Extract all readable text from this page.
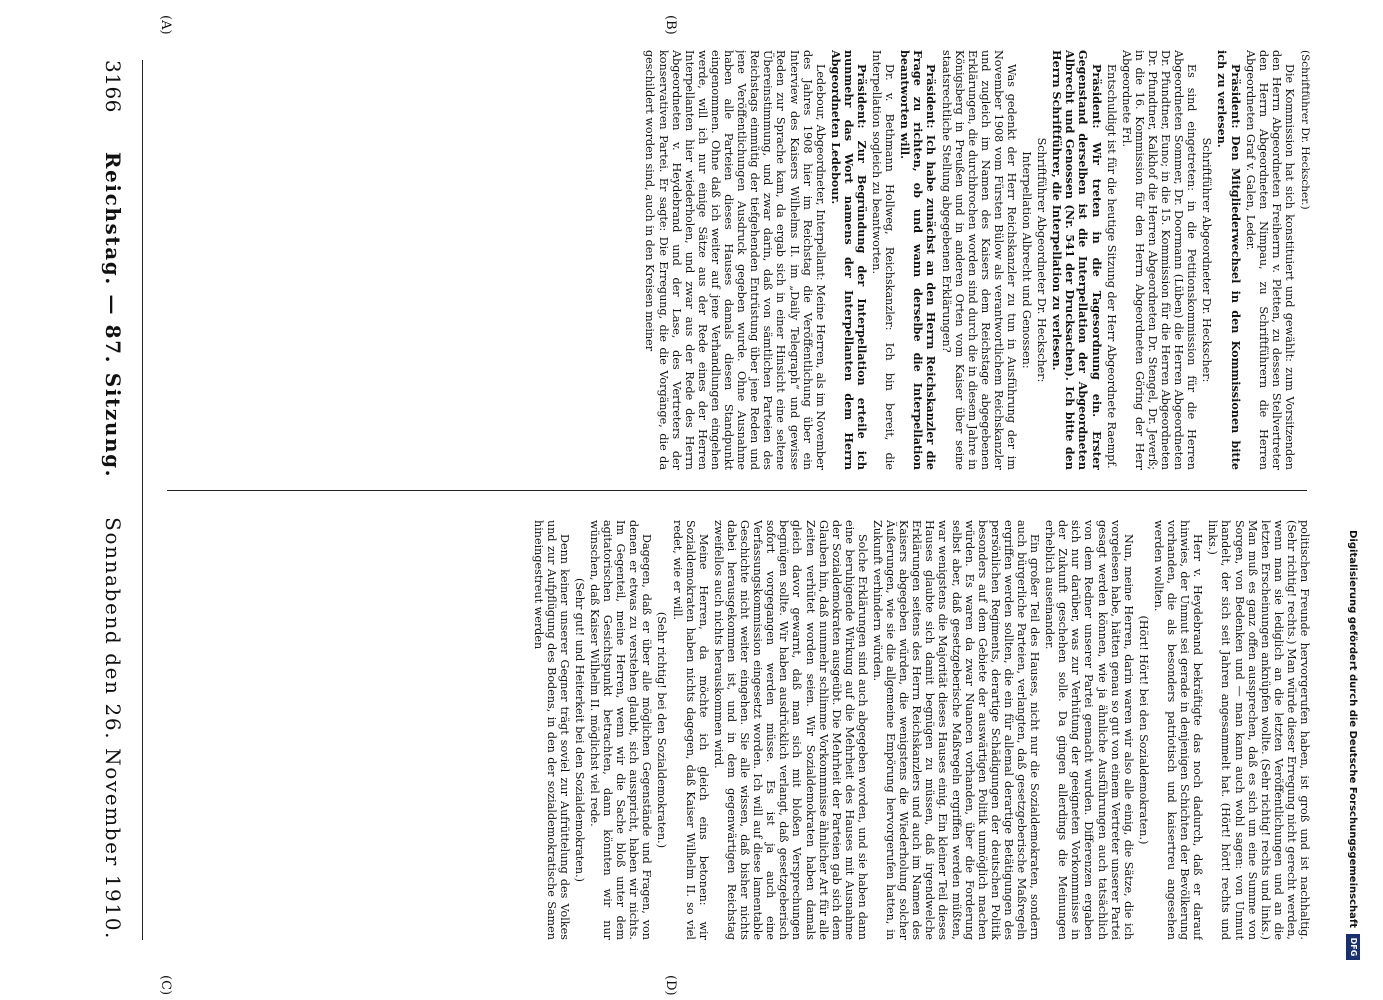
(A)	(B)
(C)	(D)

(Schriftführer Dr. Heckscher.)

Die Kommission hat sich konstituiert und gewählt: zum Vorsitzenden den Herrn Abgeordneten Freiherrn v. Pletten, zu dessen Stellvertreter den Herrn Abgeordneten Nimpau, zu Schriftführern die Herren Abgeordneten Graf v. Galen, Leder.

Präsident: Den Mitgliederwechsel in den Kommissionen bitte ich zu verlesen.

Schriftführer Abgeordneter Dr. Heckscher:

Es sind eingetreten: in die Petitionskommission für die Herren Abgeordneten Sommer, Dr. Doormann (Lüben) die Herren Abgeordneten Dr. Pfundtner, Euno; in die 15. Kommission für die Herren Abgeordneten Dr. Pfundtner, Kalkhof die Herren Abgeordneten Dr. Stengel, Dr. Jeverß; in die 16. Kommission für den Herrn Abgeordneten Göring der Herr Abgeordnete Frl.

Entschuldigt ist für die heutige Sitzung der Herr Abgeordnete Raempf.

Präsident: Wir treten in die Tagesordnung ein. Erster Gegenstand derselben ist die Interpellation der Abgeordneten Albrecht und Genossen (Nr. 541 der Drucksachen). Ich bitte den Herrn Schriftführer, die Interpellation zu verlesen.

Schriftführer Abgeordneter Dr. Heckscher:

Interpellation Albrecht und Genossen:

Was gedenkt der Herr Reichskanzler zu tun in Ausführung der im November 1908 vom Fürsten Bülow als verantwortlichem Reichskanzler und zugleich im Namen des Kaisers dem Reichstage abgegebenen Erklärungen, die durchbrochen worden sind durch die in diesem Jahre in Königsberg in Preußen und in anderen Orten vom Kaiser über seine staatsrechtliche Stellung abgegebenen Erklärungen?

Präsident: Ich habe zunächst an den Herrn Reichskanzler die Frage zu richten, ob und wann derselbe die Interpellation beantworten will.

Dr. v. Bethmann Hollweg, Reichskanzler: Ich bin bereit, die Interpellation sogleich zu beantworten.

Präsident: Zur Begründung der Interpellation erteile ich nunmehr das Wort namens der Interpellanten dem Herrn Abgeordneten Ledebour.

Ledebour, Abgeordneter, Interpellant: Meine Herren, als im November des Jahres 1908 hier im Reichstag die Veröffentlichung über ein Interview des Kaisers Wilhelms II. im „Daily Telegraph“ und gewisse Reden zur Sprache kam, da ergab sich in einer Hinsicht eine seltene Übereinstimmung, und zwar darin, daß von sämtlichen Parteien des Reichstags einmütig der tiefgehenden Entrüstung über jene Reden und jene Veröffentlichungen Ausdruck gegeben wurde. Ohne Ausnahme haben alle Parteien dieses Hauses damals diesen Standpunkt eingenommen. Ohne daß ich weiter auf jene Verhandlungen eingehen werde, will ich nur einige Sätze aus der Rede eines der Herren Interpellanten hier wiederholen, und zwar aus der Rede des Herrn Abgeordneten v. Heydebrand und der Lase, des Vertreters der konservativen Partei. Er sagte: Die Erregung, die die Vorgänge, die da geschildert worden sind, auch in den Kreisen meiner

politischen Freunde hervorgerufen haben, ist groß und ist nachhaltig. (Sehr richtig! rechts.) Man würde dieser Erregung nicht gerecht werden, wenn man sie lediglich an die letzten Veröffentlichungen und an die letzten Erscheinungen anknüpfen wollte. (Sehr richtig! rechts und links.) Man muß es ganz offen aussprechen, daß es sich um eine Summe von Sorgen, von Bedenken und — man kann auch wohl sagen: von Unmut handelt, der sich seit Jahren angesammelt hat. (Hört! hört! rechts und links.)

Herr v. Heydebrand bekräftigte das noch dadurch, daß er darauf hinwies, der Unmut sei gerade in denjenigen Schichten der Bevölkerung vorhanden, die als besonders patriotisch und kaisertreu angesehen werden wollten.

(Hört! Hört! bei den Sozialdemokraten.)

Nun, meine Herren, darin waren wir also alle einig, die Sätze, die ich vorgelesen habe, hätten genau so gut von einem Vertreter unserer Partei gesagt werden können, wie ja ähnliche Ausführungen auch tatsächlich von dem Redner unserer Partei gemacht wurden. Differenzen ergaben sich nur darüber, was zur Verhütung der geeigneten Vorkommnisse in der Zukunft geschehen solle. Da gingen allerdings die Meinungen erheblich auseinander.

Ein großer Teil des Hauses, nicht nur die Sozialdemokraten, sondern auch bürgerliche Parteien, verlangten, daß gesetzgeberische Maßregeln ergriffen werden sollten, die ein für allemal derartige Betätigungen des persönlichen Regiments, derartige Schädigungen der deutschen Politik besonders auf dem Gebiete der auswärtigen Politik unmöglich machen würden. Es waren da zwar Nuancen vorhanden, über die Forderung selbst aber, daß gesetzgeberische Maßregeln ergriffen werden müßten, war wenigstens die Majorität dieses Hauses einig. Ein kleiner Teil dieses Hauses glaubte sich damit begnügen zu müssen, daß irgendwelche Erklärungen seitens des Herrn Reichskanzlers und auch im Namen des Kaisers abgegeben würden, die wenigstens die Wiederholung solcher Äußerungen, wie sie die allgemeine Empörung hervorgerufen hatten, in Zukunft verhindern würden.

Solche Erklärungen sind auch abgegeben worden, und sie haben dann eine beruhigende Wirkung auf die Mehrheit des Hauses mit Ausnahme der Sozialdemokraten ausgeübt. Die Mehrheit der Parteien gab sich dem Glauben hin, daß nunmehr schlimme Vorkommnisse ähnlicher Art für alle Zeiten verhütet worden seien. Wir Sozialdemokraten haben damals gleich davor gewarnt, daß man sich mit bloßen Versprechungen begnügen sollte. Wir haben ausdrücklich verlangt, daß gesetzgeberisch sofort vorgegangen werden müsse. Es ist ja auch eine Verfassungskommission eingesetzt worden. Ich will auf diese lamentable Geschichte nicht weiter eingehen. Sie alle wissen, daß bisher nichts dabei herausgekommen ist, und in dem gegenwärtigen Reichstag zweifellos auch nichts herauskommen wird.

Meine Herren, da möchte ich gleich eins betonen: wir Sozialdemokraten haben nichts dagegen, daß Kaiser Wilhelm II. so viel redet, wie er will.

(Sehr richtig! bei den Sozialdemokraten.)

Dagegen, daß er über alle möglichen Gegenstände und Fragen, von denen er etwas zu verstehen glaubt, sich ausspricht, haben wir nichts. Im Gegenteil, meine Herren, wenn wir die Sache bloß unter dem agitatorischen Gesichtspunkt betrachten, dann könnten wir nur wünschen, daß Kaiser Wilhelm II. möglichst viel rede.

(Sehr gut! und Heiterkeit bei den Sozialdemokraten.)

Denn keiner unserer Gegner trägt soviel zur Aufrüttelung des Volkes und zur Aufpflügung des Bodens, in den der sozialdemokratische Samen hineingestreut werden

3166
Reichstag. — 87. Sitzung.
Sonnabend den 26. November 1910.	Digitalisierung gefördert durch die Deutsche Forschungsgemeinschaft
DFG
